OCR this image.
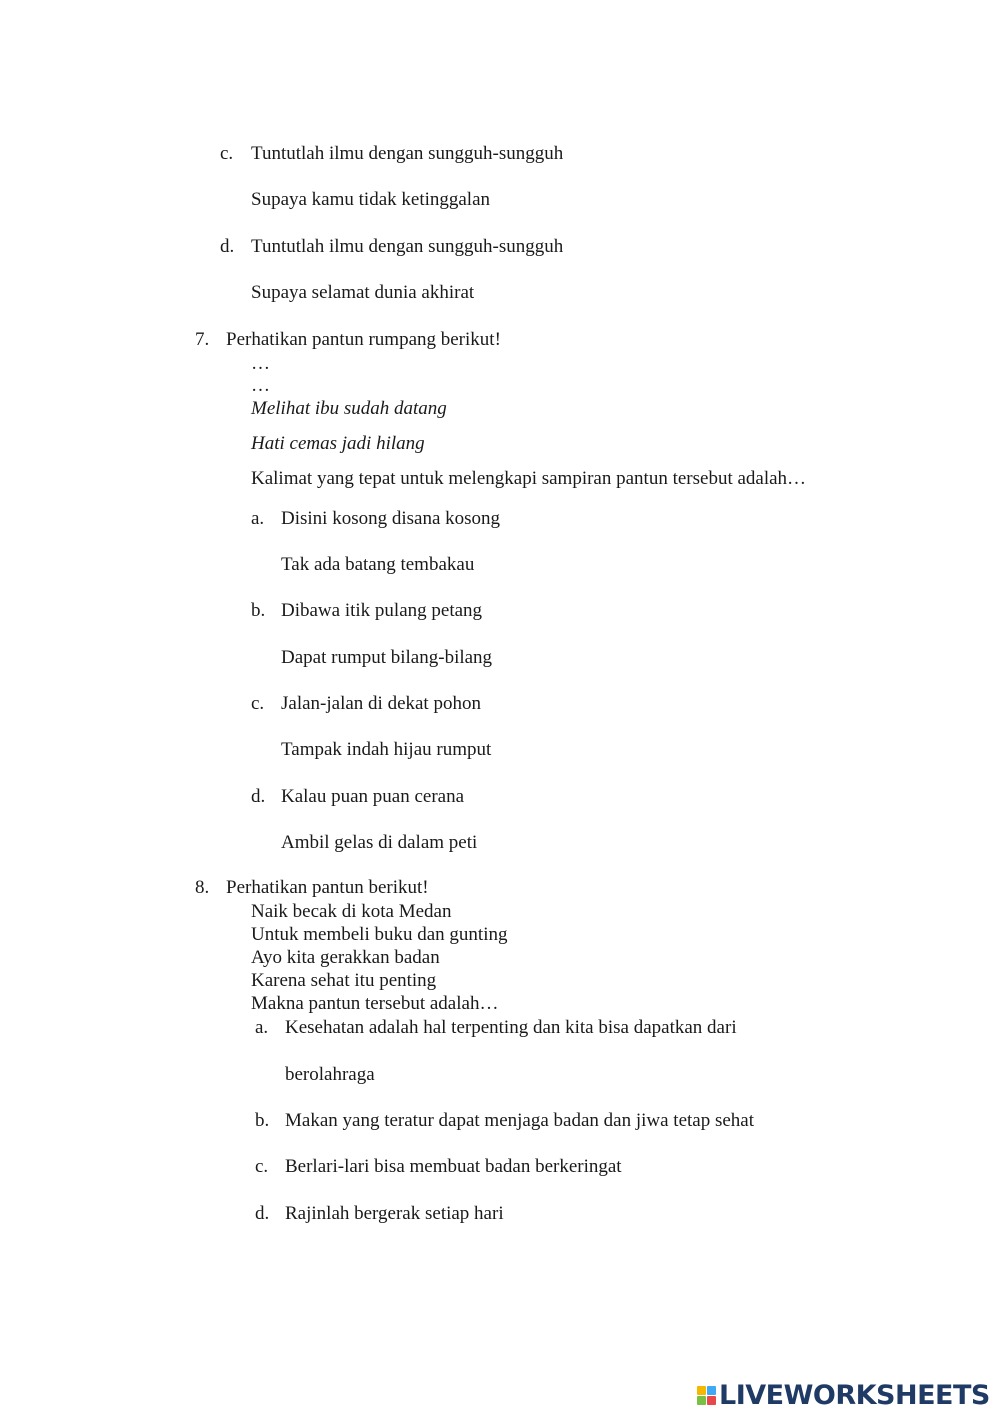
c. Tuntutlah ilmu dengan sungguh-sungguh
Supaya kamu tidak ketinggalan
d. Tuntutlah ilmu dengan sungguh-sungguh
Supaya selamat dunia akhirat
7. Perhatikan pantun rumpang berikut!
…
…
Melihat ibu sudah datang
Hati cemas jadi hilang
Kalimat yang tepat untuk melengkapi sampiran pantun tersebut adalah…
a. Disini kosong disana kosong
Tak ada batang tembakau
b. Dibawa itik pulang petang
Dapat rumput bilang-bilang
c. Jalan-jalan di dekat pohon
Tampak indah hijau rumput
d. Kalau puan puan cerana
Ambil gelas di dalam peti
8. Perhatikan pantun berikut!
Naik becak di kota Medan
Untuk membeli buku dan gunting
Ayo kita gerakkan badan
Karena sehat itu penting
Makna pantun tersebut adalah…
a. Kesehatan adalah hal terpenting dan kita bisa dapatkan dari
berolahraga
b. Makan yang teratur dapat menjaga badan dan jiwa tetap sehat
c. Berlari-lari bisa membuat badan berkeringat
d. Rajinlah bergerak setiap hari
LIVEWORKSHEETS
